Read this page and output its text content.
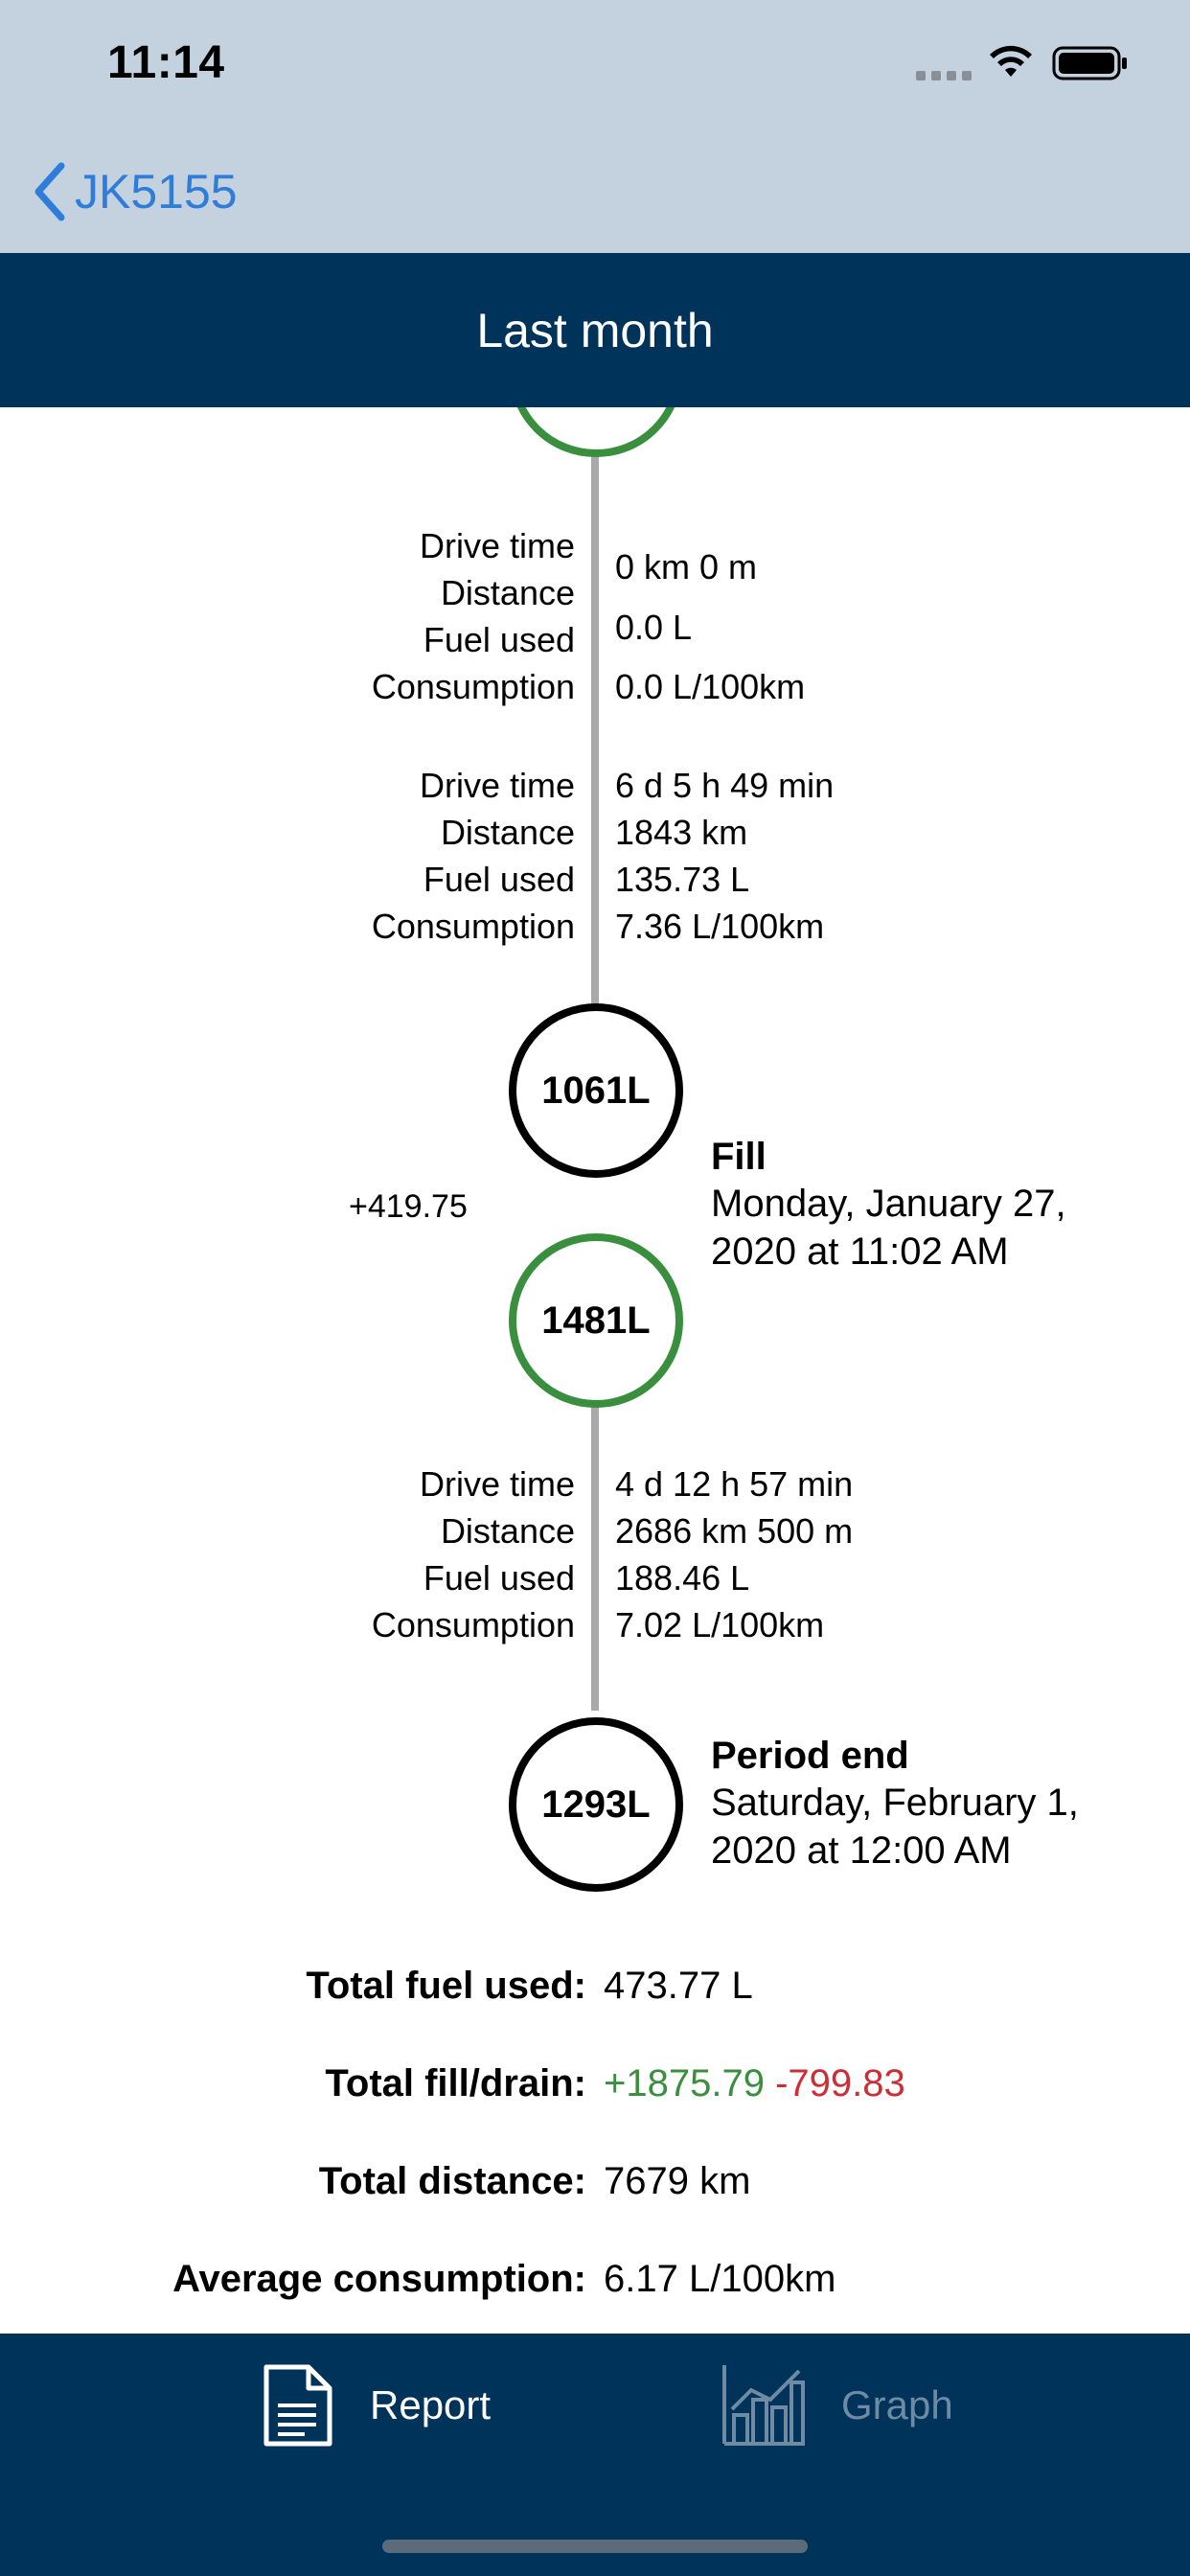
11:14
JK5155
Last month
Drive time
Distance
Fuel used
Consumption
0 km 0 m
0.0 L
0.0 L/100km
Drive time
Distance
Fuel used
Consumption
6 d 5 h 49 min
1843 km
135.73 L
7.36 L/100km
1061L
1481L
+419.75
Fill
Monday, January 27, 2020 at 11:02 AM
Drive time
Distance
Fuel used
Consumption
4 d 12 h 57 min
2686 km 500 m
188.46 L
7.02 L/100km
1293L
Period end
Saturday, February 1, 2020 at 12:00 AM
Total fuel used: 473.77 L
Total fill/drain: +1875.79 -799.83
Total distance: 7679 km
Average consumption: 6.17 L/100km
Report	Graph
